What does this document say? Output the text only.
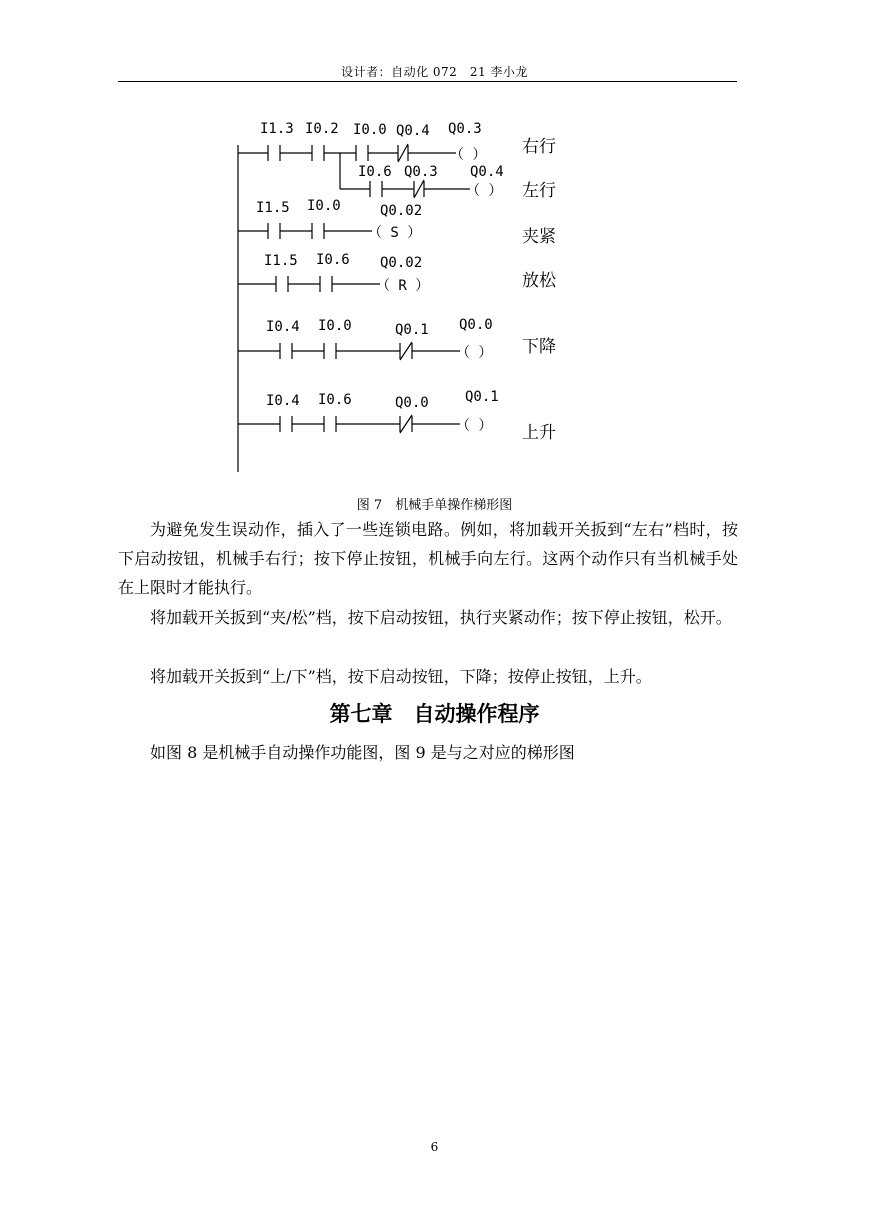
设计者：自动化 072　21 李小龙
I1.3 I0.2 I0.0 Q0.4 Q0.3
（ ） 右行
I0.6 Q0.3 Q0.4
（ ） 左行
I1.5 I0.0	Q0.02
（ S ）	夹紧
I1.5 I0.6 Q0.02
（ R ）	放松
I0.4 I0.0	Q0.1 Q0.0
（ ） 下降
I0.4 I0.6	Q0.0	Q0.1
（ ） 上升
图 7　机械手单操作梯形图
为避免发生误动作，插入了一些连锁电路。例如，将加载开关扳到“左右”档时，按下启动按钮，机械手右行；按下停止按钮，机械手向左行。这两个动作只有当机械手处在上限时才能执行。
将加载开关扳到“夹/松”档，按下启动按钮，执行夹紧动作；按下停止按钮，松开。
将加载开关扳到“上/下”档，按下启动按钮，下降；按停止按钮，上升。
第七章　自动操作程序
如图 8 是机械手自动操作功能图，图 9 是与之对应的梯形图
6
